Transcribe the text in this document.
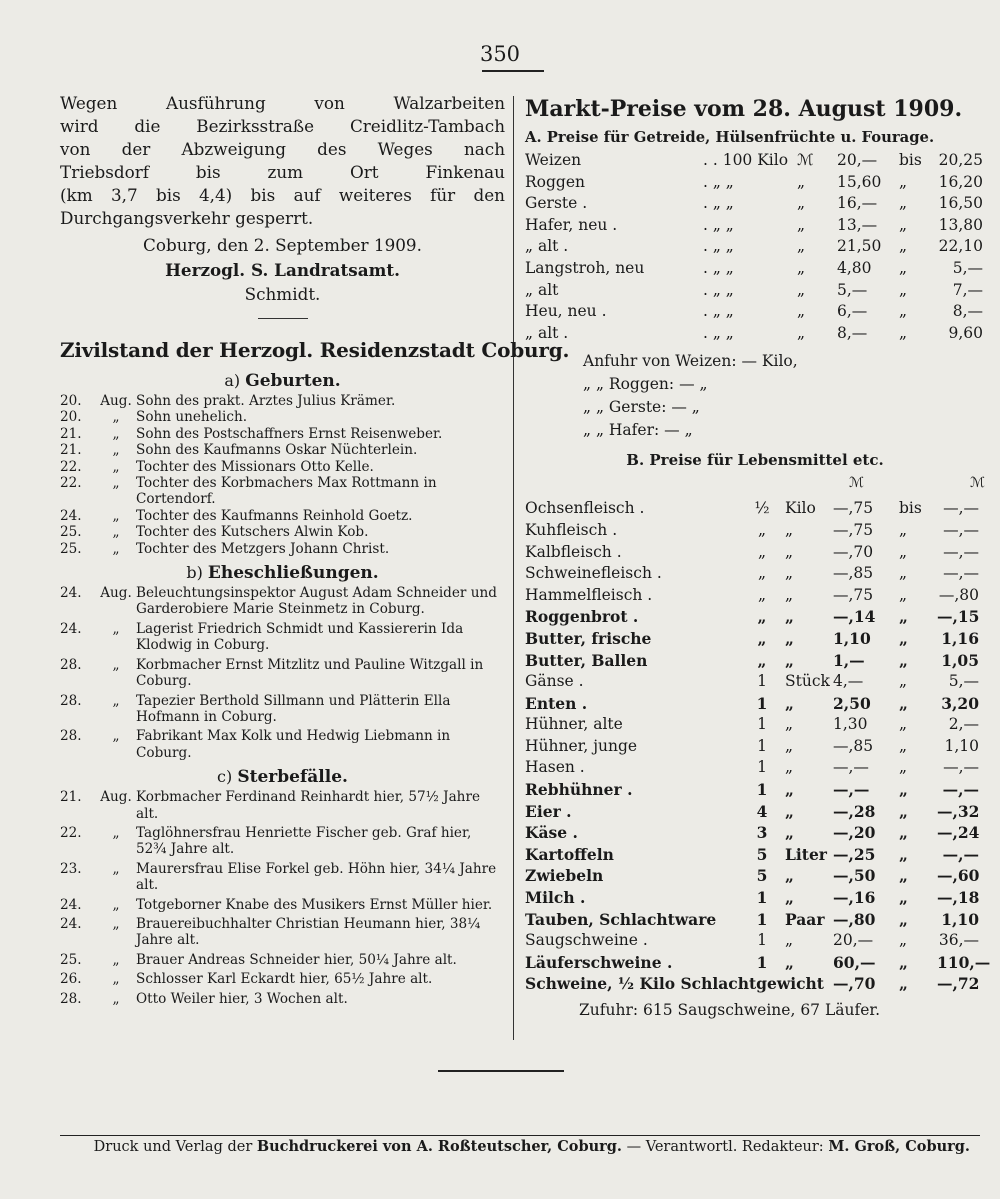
350
Wegen Ausführung von Walzarbeiten
wird die Bezirksstraße Creidlitz-Tambach
von der Abzweigung des Weges nach
Triebsdorf bis zum Ort Finkenau
(km 3,7 bis 4,4) bis auf weiteres für den
Durchgangsverkehr gesperrt.
Coburg, den 2. September 1909.
Herzogl. S. Landratsamt.
Schmidt.
Zivilstand der Herzogl. Residenzstadt Coburg.
a) Geburten.
20.	Aug. Sohn des prakt. Arztes Julius Krämer.
20.	„	Sohn unehelich.
21.	„	Sohn des Postschaffners Ernst Reisenweber.
21.	„	Sohn des Kaufmanns Oskar Nüchterlein.
22.	„	Tochter des Missionars Otto Kelle.
22.	„	Tochter des Korbmachers Max Rottmann in Cortendorf.
24.	„	Tochter des Kaufmanns Reinhold Goetz.
25.	„	Tochter des Kutschers Alwin Kob.
25.	„	Tochter des Metzgers Johann Christ.
b) Eheschließungen.
24.	Aug. Beleuchtungsinspektor August Adam Schneider und Garderobiere Marie Steinmetz in Coburg.
24.	„	Lagerist Friedrich Schmidt und Kassiererin Ida Klodwig in Coburg.
28.	„	Korbmacher Ernst Mitzlitz und Pauline Witzgall in Coburg.
28.	„	Tapezier Berthold Sillmann und Plätterin Ella Hofmann in Coburg.
28.	„	Fabrikant Max Kolk und Hedwig Liebmann in Coburg.
c) Sterbefälle.
21.	Aug. Korbmacher Ferdinand Reinhardt hier, 57½ Jahre alt.
22.	„	Taglöhnersfrau Henriette Fischer geb. Graf hier, 52¾ Jahre alt.
23.	„	Maurersfrau Elise Forkel geb. Höhn hier, 34¼ Jahre alt.
24.	„	Totgeborner Knabe des Musikers Ernst Müller hier.
24.	„	Brauereibuchhalter Christian Heumann hier, 38¼ Jahre alt.
25.	„	Brauer Andreas Schneider hier, 50¼ Jahre alt.
26.	„	Schlosser Karl Eckardt hier, 65½ Jahre alt.
28.	„	Otto Weiler hier, 3 Wochen alt.
Markt-Preise vom 28. August 1909.
A. Preise für Getreide, Hülsenfrüchte u. Fourage.
Weizen	. . 100 Kilo ℳ	20,—	bis	20,25
Roggen	. „ „	„	15,60	„	16,20
Gerste .	. „ „	„	16,—	„	16,50
Hafer, neu .	. „ „	„	13,—	„	13,80
„ alt .	. „ „	„	21,50	„	22,10
Langstroh, neu	. „ „	„	4,80	„	5,—
„ alt	. „ „	„	5,—	„	7,—
Heu, neu .	. „ „	„	6,—	„	8,—
„ alt .	. „ „	„	8,—	„	9,60
Anfuhr von Weizen: — Kilo,
„ „ Roggen: — „
„ „ Gerste: — „
„ „ Hafer: — „
B. Preise für Lebensmittel etc.
ℳ	ℳ
Ochsenfleisch .	½ Kilo	—,75	bis	—,—
Kuhfleisch .	„	„	—,75	„	—,—
Kalbfleisch .	„	„	—,70	„	—,—
Schweinefleisch .	„	„	—,85	„	—,—
Hammelfleisch .	„	„	—,75	„	—,80
Roggenbrot .	„	„	—,14	„	—,15
Butter, frische	„	„	1,10	„	1,16
Butter, Ballen	„	„	1,—	„	1,05
Gänse .	1	Stück 4,—	„	5,—
Enten .	1	„	2,50	„	3,20
Hühner, alte	1	„	1,30	„	2,—
Hühner, junge	1	„	—,85	„	1,10
Hasen .	1	„	—,—	„	—,—
Rebhühner .	1	„	—,—	„	—,—
Eier .	4	„	—,28	„	—,32
Käse .	3	„	—,20	„	—,24
Kartoffeln	5	Liter —,25	„	—,—
Zwiebeln	5	„	—,50	„	—,60
Milch .	1	„	—,16	„	—,18
Tauben, Schlachtware	1	Paar —,80	„	1,10
Saugschweine .	1	„	20,—	„	36,—
Läuferschweine .	1	„	60,—	„	110,—
Schweine, ½ Kilo Schlachtgewicht —,70	„	—,72
Zufuhr: 615 Saugschweine, 67 Läufer.
Druck und Verlag der Buchdruckerei von A. Roßteutscher, Coburg. — Verantwortl. Redakteur: M. Groß, Coburg.
